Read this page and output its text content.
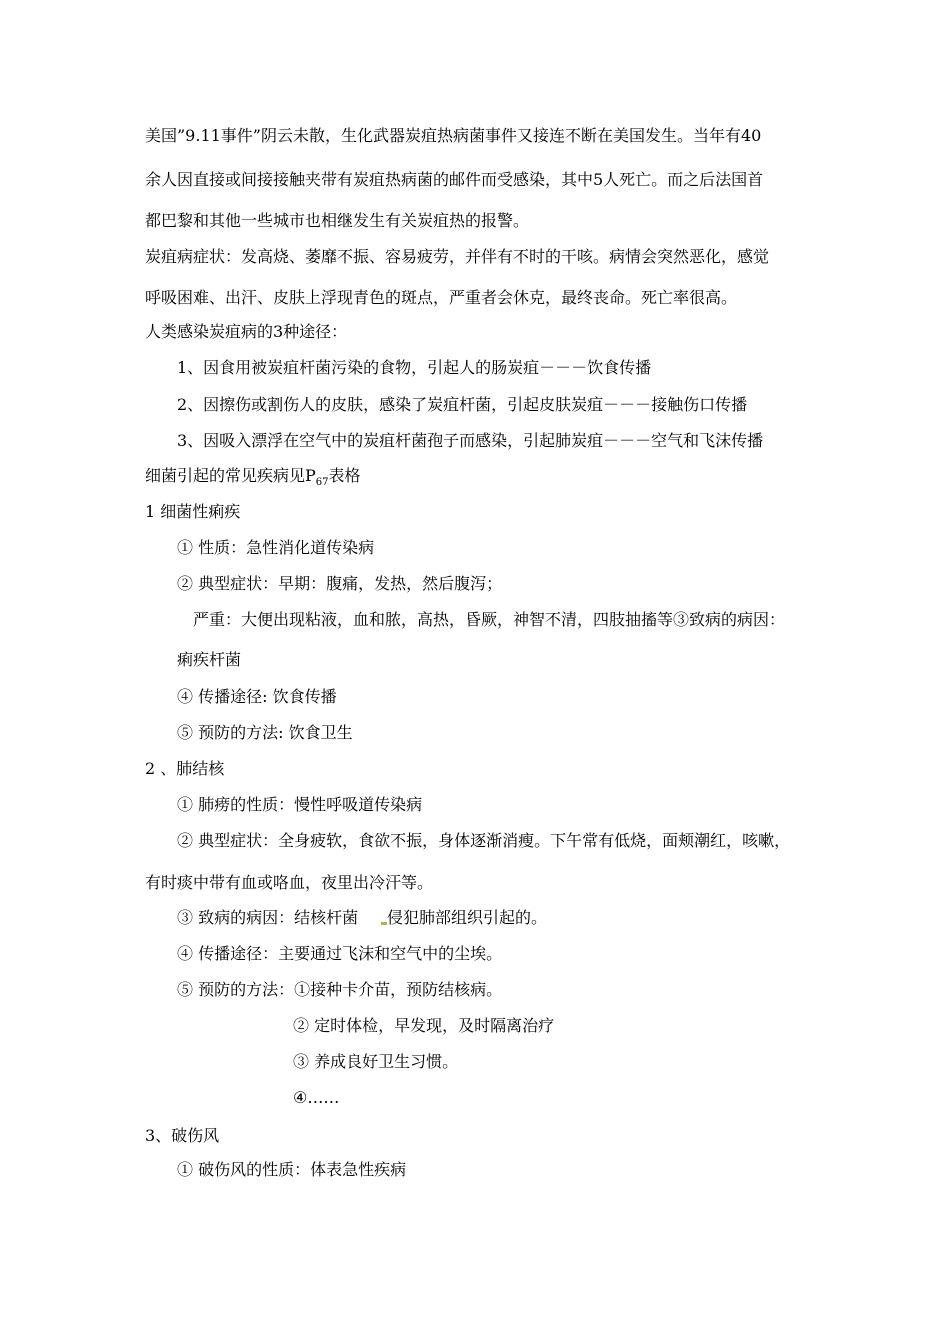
美国”9.11事件”阴云未散，生化武器炭疽热病菌事件又接连不断在美国发生。当年有40
余人因直接或间接接触夹带有炭疽热病菌的邮件而受感染，其中5人死亡。而之后法国首
都巴黎和其他一些城市也相继发生有关炭疽热的报警。
炭疽病症状：发高烧、萎靡不振、容易疲劳，并伴有不时的干咳。病情会突然恶化，感觉
呼吸困难、出汗、皮肤上浮现青色的斑点，严重者会休克，最终丧命。死亡率很高。
人类感染炭疽病的3种途径：
1、因食用被炭疽杆菌污染的食物，引起人的肠炭疽－－－饮食传播
2、因擦伤或割伤人的皮肤，感染了炭疽杆菌，引起皮肤炭疽－－－接触伤口传播
3、因吸入漂浮在空气中的炭疽杆菌孢子而感染，引起肺炭疽－－－空气和飞沫传播
细菌引起的常见疾病见$P_{67}$表格
1 细菌性痢疾
① 性质：急性消化道传染病
② 典型症状：早期：腹痛，发热，然后腹泻；
严重：大便出现粘液，血和脓，高热，昏厥，神智不清，四肢抽搐等③致病的病因：
痢疾杆菌
④ 传播途径: 饮食传播
⑤ 预防的方法: 饮食卫生
2 、肺结核
① 肺痨的性质：慢性呼吸道传染病
② 典型症状：全身疲软，食欲不振，身体逐渐消瘦。下午常有低烧，面颊潮红，咳嗽，
有时痰中带有血或咯血，夜里出冷汗等。
③ 致病的病因：结核杆菌 侵犯肺部组织引起的。
④ 传播途径：主要通过飞沫和空气中的尘埃。
⑤ 预防的方法：①接种卡介苗，预防结核病。
② 定时体检，早发现，及时隔离治疗
③ 养成良好卫生习惯。
④……
3、破伤风
① 破伤风的性质：体表急性疾病
